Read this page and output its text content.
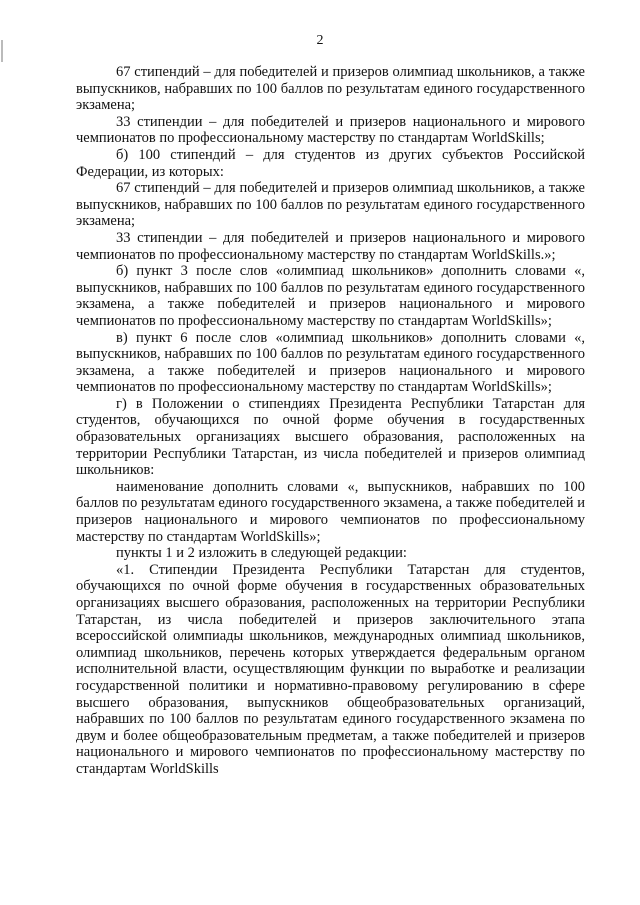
2

67 стипендий – для победителей и призеров олимпиад школьников, а также выпускников, набравших по 100 баллов по результатам единого государственного экзамена;

33 стипендии – для победителей и призеров национального и мирового чемпионатов по профессиональному мастерству по стандартам WorldSkills;

б) 100 стипендий – для студентов из других субъектов Российской Федерации, из которых:

67 стипендий – для победителей и призеров олимпиад школьников, а также выпускников, набравших по 100 баллов по результатам единого государственного экзамена;

33 стипендии – для победителей и призеров национального и мирового чемпионатов по профессиональному мастерству по стандартам WorldSkills.»;

б) пункт 3 после слов «олимпиад школьников» дополнить словами «, выпускников, набравших по 100 баллов по результатам единого государственного экзамена, а также победителей и призеров национального и мирового чемпионатов по профессиональному мастерству по стандартам WorldSkills»;

в) пункт 6 после слов «олимпиад школьников» дополнить словами «, выпускников, набравших по 100 баллов по результатам единого государственного экзамена, а также победителей и призеров национального и мирового чемпионатов по профессиональному мастерству по стандартам WorldSkills»;

г) в Положении о стипендиях Президента Республики Татарстан для студентов, обучающихся по очной форме обучения в государственных образовательных организациях высшего образования, расположенных на территории Республики Татарстан, из числа победителей и призеров олимпиад школьников:

наименование дополнить словами «, выпускников, набравших по 100 баллов по результатам единого государственного экзамена, а также победителей и призеров национального и мирового чемпионатов по профессиональному мастерству по стандартам WorldSkills»;

пункты 1 и 2 изложить в следующей редакции:

«1. Стипендии Президента Республики Татарстан для студентов, обучающихся по очной форме обучения в государственных образовательных организациях высшего образования, расположенных на территории Республики Татарстан, из числа победителей и призеров заключительного этапа всероссийской олимпиады школьников, международных олимпиад школьников, олимпиад школьников, перечень которых утверждается федеральным органом исполнительной власти, осуществляющим функции по выработке и реализации государственной политики и нормативно-правовому регулированию в сфере высшего образования, выпускников общеобразовательных организаций, набравших по 100 баллов по результатам единого государственного экзамена по двум и более общеобразовательным предметам, а также победителей и призеров национального и мирового чемпионатов по профессиональному мастерству по стандартам WorldSkills
